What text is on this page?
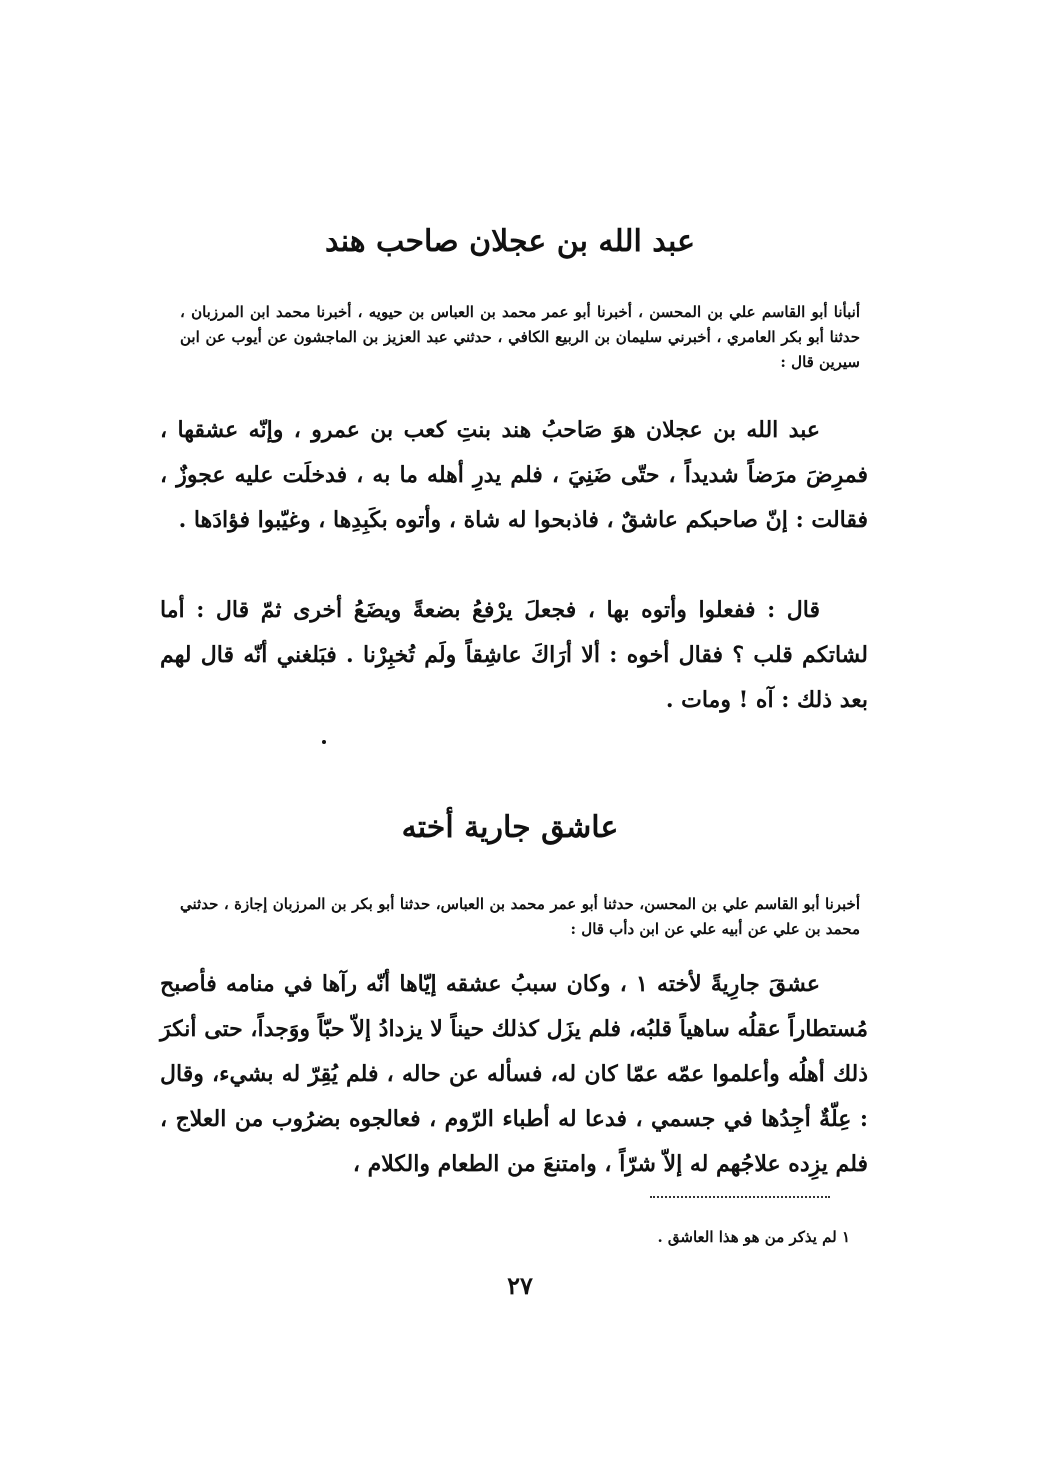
عبد الله بن عجلان صاحب هند

أنبأنا أبو القاسم علي بن المحسن ، أخبرنا أبو عمر محمد بن العباس بن حيويه ، أخبرنا محمد ابن المرزبان ، حدثنا أبو بكر العامري ، أخبرني سليمان بن الربيع الكافي ، حدثني عبد العزيز بن الماجشون عن أيوب عن ابن سيرين قال :

عبد الله بن عجلان هوَ صَاحبُ هند بنتِ كعب بن عمرو ، وإنّه عشقها ، فمرِضَ مرَضاً شديداً ، حتّى ضَنِيَ ، فلم يدرِ أهله ما به ، فدخلَت عليه عجوزٌ ، فقالت : إنّ صاحبكم عاشقٌ ، فاذبحوا له شاة ، وأتوه بكَبِدِها ، وغيّبوا فؤادَها .

قال : ففعلوا وأتوه بها ، فجعلَ يرْفعُ بضعةً ويضَعُ أخرى ثمّ قال : أما لشاتكم قلب ؟ فقال أخوه : ألا أرَاكَ عاشِقاً ولَم تُخبِرْنا . فبَلغني أنّه قال لهم بعد ذلك : آه ! ومات .

عاشق جارية أخته

أخبرنا أبو القاسم علي بن المحسن، حدثنا أبو عمر محمد بن العباس، حدثنا أبو بكر بن المرزبان إجازة ، حدثني محمد بن علي عن أبيه علي عن ابن دأب قال :

عشقَ جارِيةً لأخته ١ ، وكان سببُ عشقه إيّاها أنّه رآها في منامه فأصبح مُستطاراً عقلُه ساهياً قلبُه، فلم يزَل كذلك حيناً لا يزدادُ إلاّ حبّاً ووَجداً، حتى أنكرَ ذلك أهلُه وأعلموا عمّه عمّا كان له، فسأله عن حاله ، فلم يُقِرّ له بشيء، وقال : عِلّةٌ أجِدُها في جسمي ، فدعا له أطباء الرّوم ، فعالجوه بضرُوب من العلاج ، فلم يزِده علاجُهم له إلاّ شرّاً ، وامتنعَ من الطعام والكلام ،

١ لم يذكر من هو هذا العاشق .

٢٧
